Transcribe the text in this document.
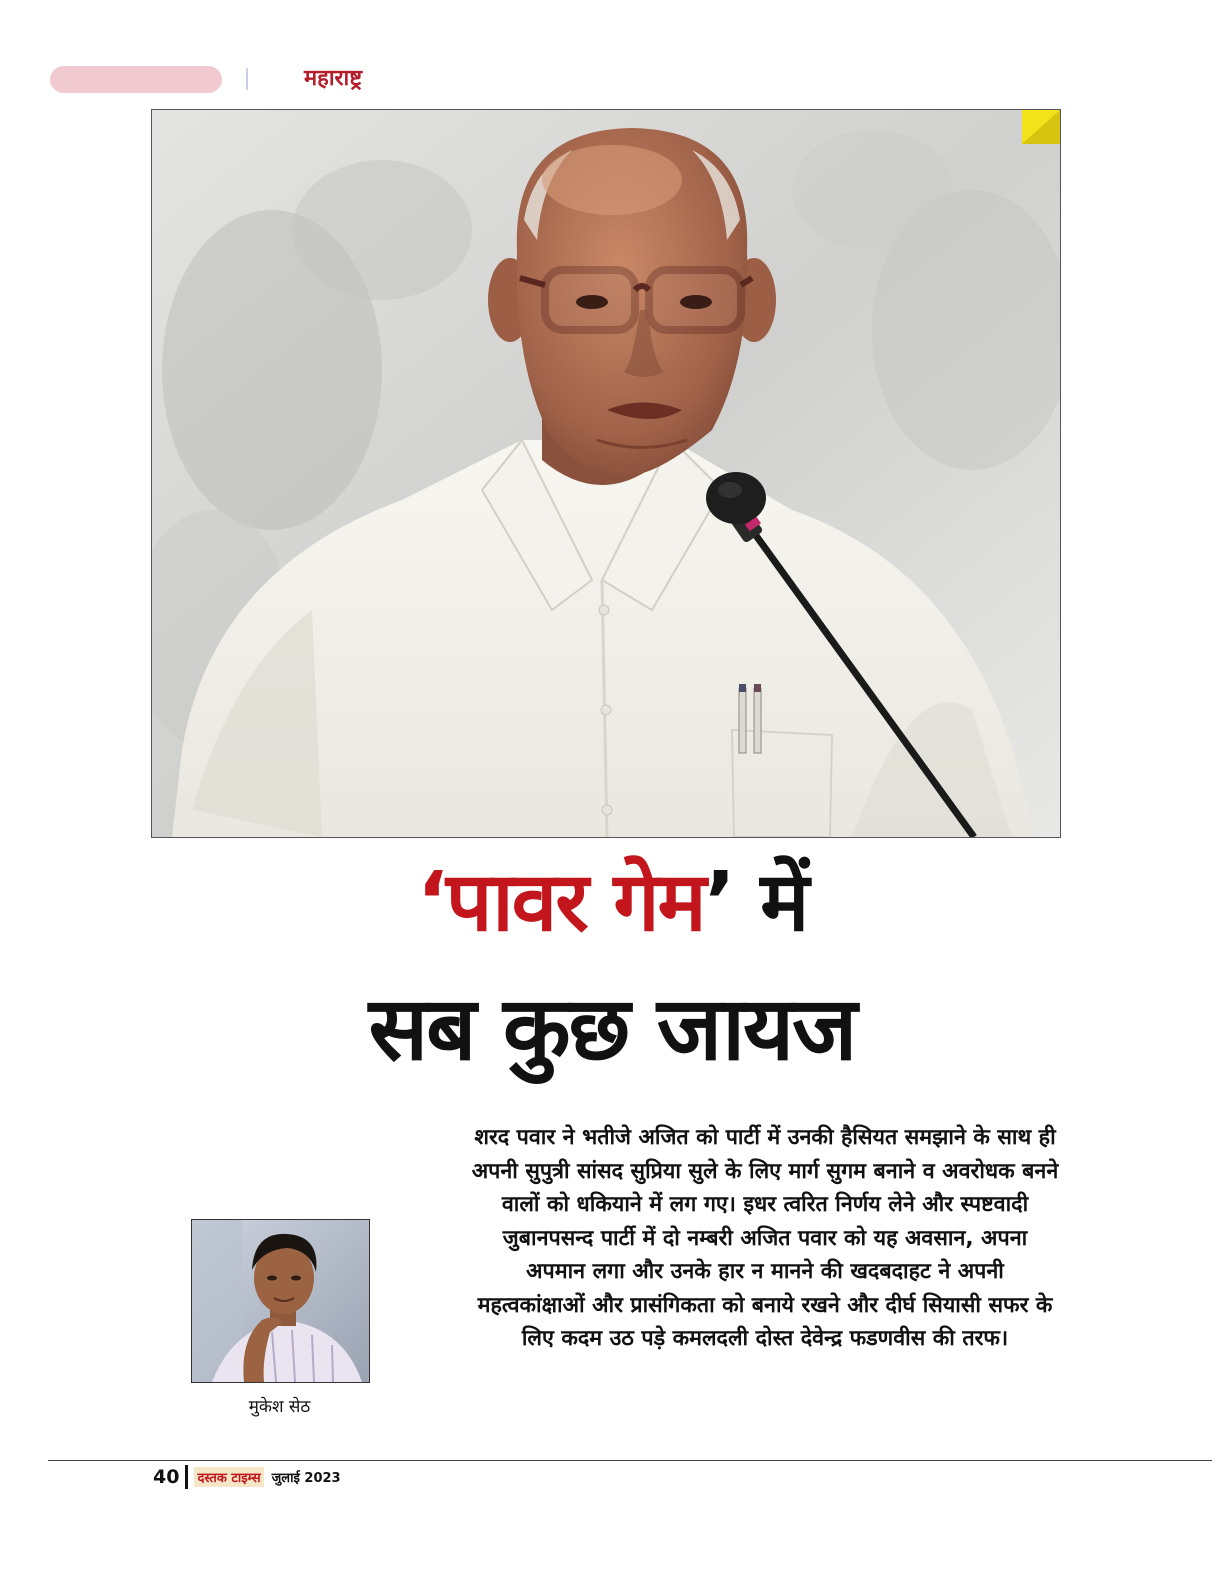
महाराष्ट्र
‘पावर गेम’ में
सब कुछ जायज
शरद पवार ने भतीजे अजित को पार्टी में उनकी हैसियत समझाने के साथ ही अपनी सुपुत्री सांसद सुप्रिया सुले के लिए मार्ग सुगम बनाने व अवरोधक बनने वालों को धकियाने में लग गए। इधर त्वरित निर्णय लेने और स्पष्टवादी जुबानपसन्द पार्टी में दो नम्बरी अजित पवार को यह अवसान, अपना अपमान लगा और उनके हार न मानने की खदबदाहट ने अपनी महत्वकांक्षाओं और प्रासंगिकता को बनाये रखने और दीर्घ सियासी सफर के लिए कदम उठ पड़े कमलदली दोस्त देवेन्द्र फडणवीस की तरफ।
मुकेश सेठ
40 दस्तक टाइम्स जुलाई 2023
